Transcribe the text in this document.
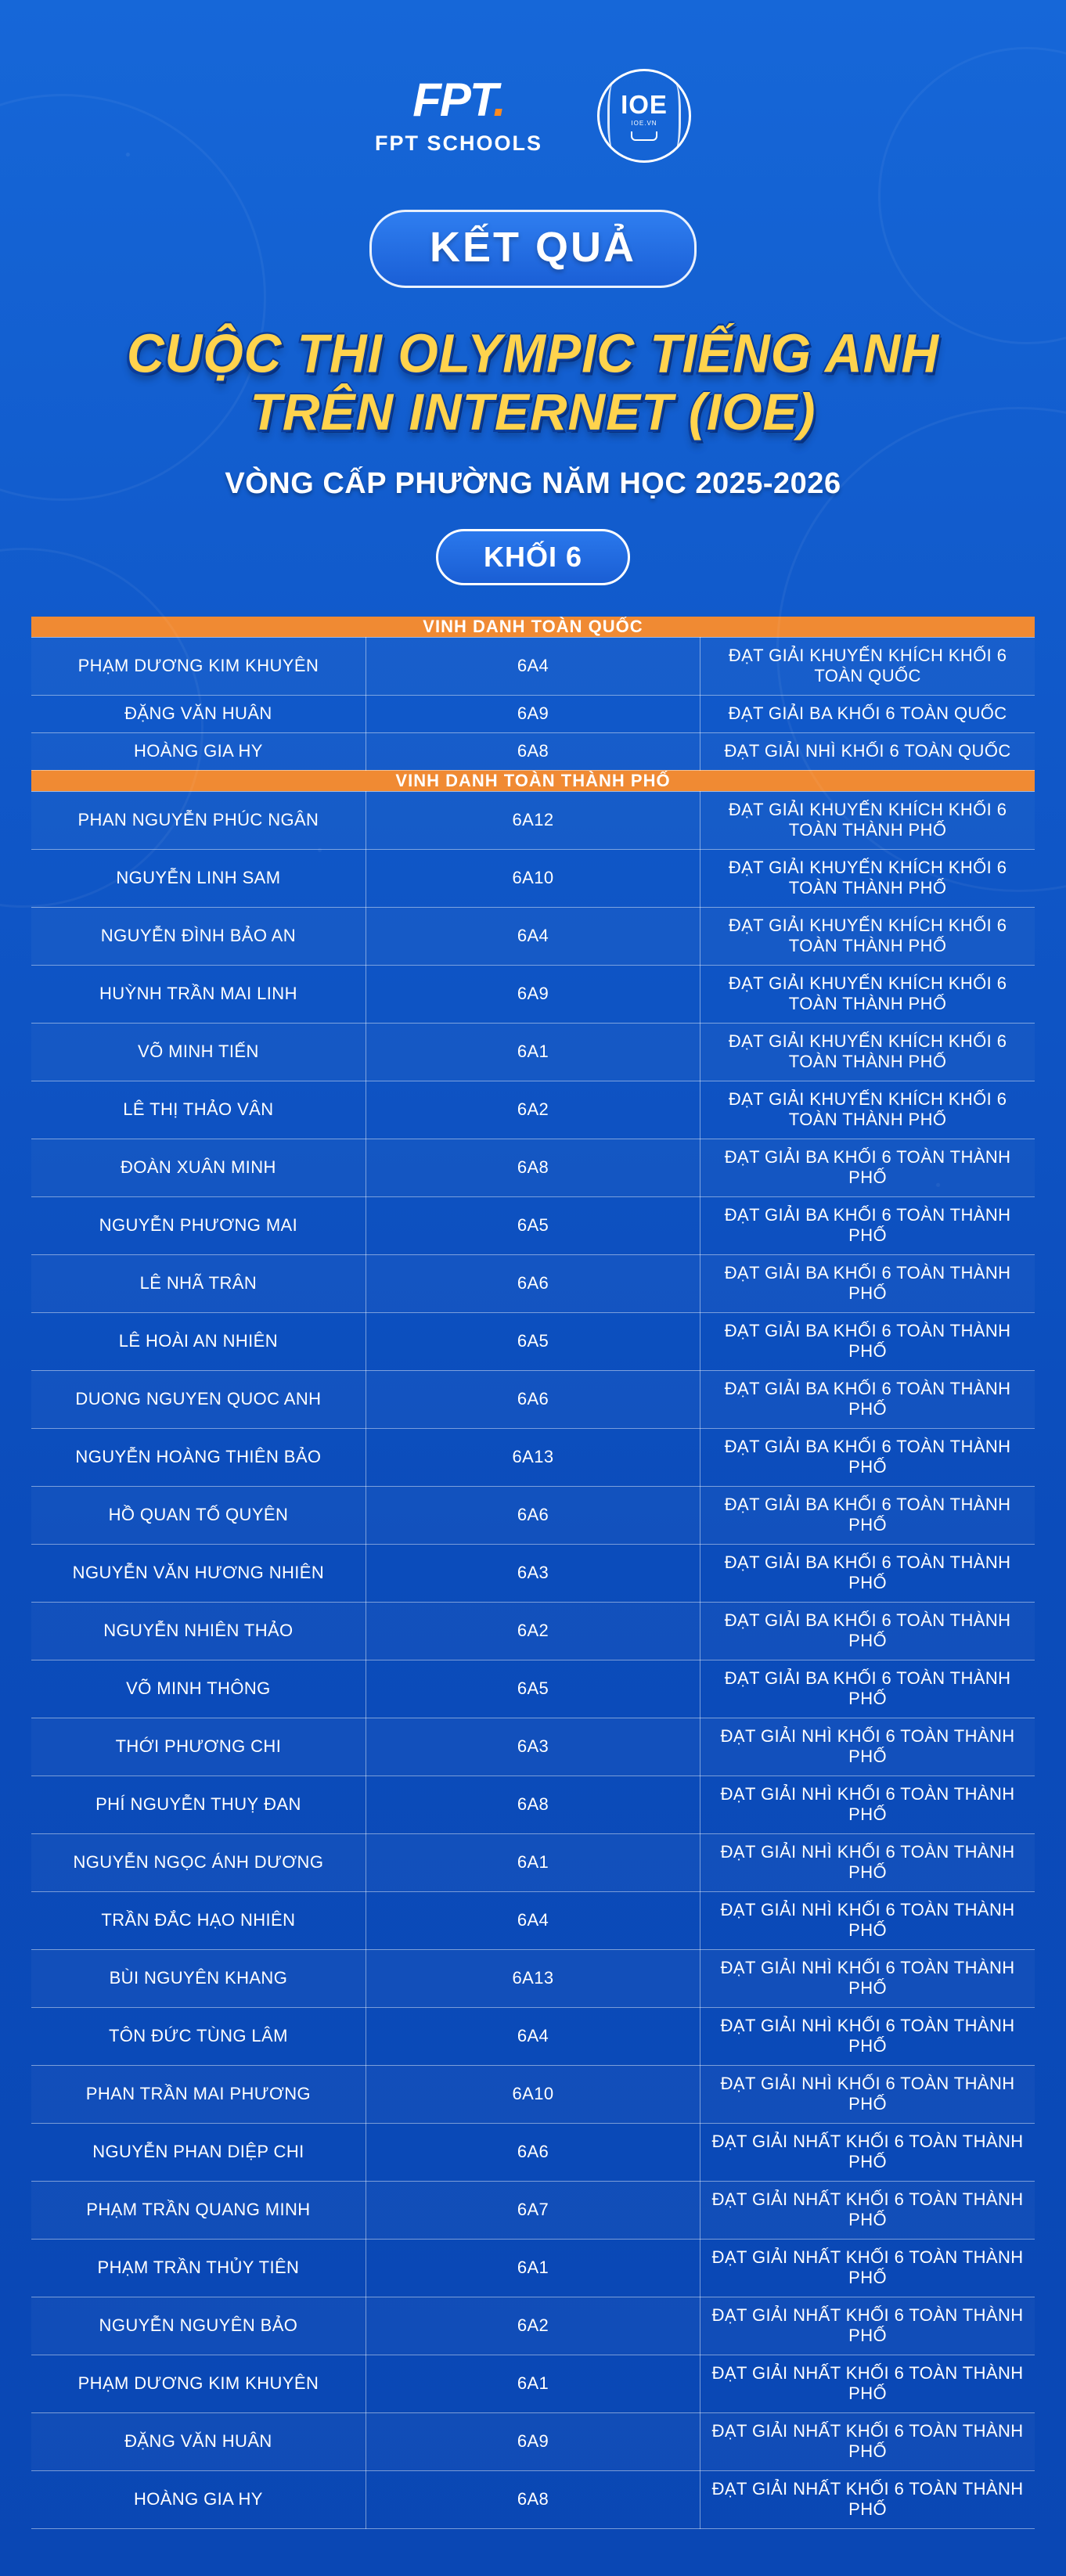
FPT.
FPT SCHOOLS
IOE
IOE.VN
KẾT QUẢ
CUỘC THI OLYMPIC TIẾNG ANH
TRÊN INTERNET (IOE)
VÒNG CẤP PHƯỜNG NĂM HỌC 2025-2026
KHỐI 6
VINH DANH TOÀN QUỐC		
PHẠM DƯƠNG KIM KHUYÊN	6A4	ĐẠT GIẢI KHUYẾN KHÍCH KHỐI 6 TOÀN QUỐC
ĐẶNG VĂN HUÂN	6A9	ĐẠT GIẢI BA KHỐI 6 TOÀN QUỐC
HOÀNG GIA HY	6A8	ĐẠT GIẢI NHÌ KHỐI 6 TOÀN QUỐC
VINH DANH TOÀN THÀNH PHỐ		
PHAN NGUYỄN PHÚC NGÂN	6A12	ĐẠT GIẢI KHUYẾN KHÍCH KHỐI 6 TOÀN THÀNH PHỐ
NGUYỄN LINH SAM	6A10	ĐẠT GIẢI KHUYẾN KHÍCH KHỐI 6 TOÀN THÀNH PHỐ
NGUYỄN ĐÌNH BẢO AN	6A4	ĐẠT GIẢI KHUYẾN KHÍCH KHỐI 6 TOÀN THÀNH PHỐ
HUỲNH TRẦN MAI LINH	6A9	ĐẠT GIẢI KHUYẾN KHÍCH KHỐI 6 TOÀN THÀNH PHỐ
VÕ MINH TIẾN	6A1	ĐẠT GIẢI KHUYẾN KHÍCH KHỐI 6 TOÀN THÀNH PHỐ
LÊ THỊ THẢO VÂN	6A2	ĐẠT GIẢI KHUYẾN KHÍCH KHỐI 6 TOÀN THÀNH PHỐ
ĐOÀN XUÂN MINH	6A8	ĐẠT GIẢI BA KHỐI 6 TOÀN THÀNH PHỐ
NGUYỄN PHƯƠNG MAI	6A5	ĐẠT GIẢI BA KHỐI 6 TOÀN THÀNH PHỐ
LÊ NHÃ TRÂN	6A6	ĐẠT GIẢI BA KHỐI 6 TOÀN THÀNH PHỐ
LÊ HOÀI AN NHIÊN	6A5	ĐẠT GIẢI BA KHỐI 6 TOÀN THÀNH PHỐ
DUONG NGUYEN QUOC ANH	6A6	ĐẠT GIẢI BA KHỐI 6 TOÀN THÀNH PHỐ
NGUYỄN HOÀNG THIÊN BẢO	6A13	ĐẠT GIẢI BA KHỐI 6 TOÀN THÀNH PHỐ
HỒ QUAN TỐ QUYÊN	6A6	ĐẠT GIẢI BA KHỐI 6 TOÀN THÀNH PHỐ
NGUYỄN VĂN HƯƠNG NHIÊN	6A3	ĐẠT GIẢI BA KHỐI 6 TOÀN THÀNH PHỐ
NGUYỄN NHIÊN THẢO	6A2	ĐẠT GIẢI BA KHỐI 6 TOÀN THÀNH PHỐ
VÕ MINH THÔNG	6A5	ĐẠT GIẢI BA KHỐI 6 TOÀN THÀNH PHỐ
THỚI PHƯƠNG CHI	6A3	ĐẠT GIẢI NHÌ KHỐI 6 TOÀN THÀNH PHỐ
PHÍ NGUYỄN THUỴ ĐAN	6A8	ĐẠT GIẢI NHÌ KHỐI 6 TOÀN THÀNH PHỐ
NGUYỄN NGỌC ÁNH DƯƠNG	6A1	ĐẠT GIẢI NHÌ KHỐI 6 TOÀN THÀNH PHỐ
TRẦN ĐẮC HẠO NHIÊN	6A4	ĐẠT GIẢI NHÌ KHỐI 6 TOÀN THÀNH PHỐ
BÙI NGUYÊN KHANG	6A13	ĐẠT GIẢI NHÌ KHỐI 6 TOÀN THÀNH PHỐ
TÔN ĐỨC TÙNG LÂM	6A4	ĐẠT GIẢI NHÌ KHỐI 6 TOÀN THÀNH PHỐ
PHAN TRẦN MAI PHƯƠNG	6A10	ĐẠT GIẢI NHÌ KHỐI 6 TOÀN THÀNH PHỐ
NGUYỄN PHAN DIỆP CHI	6A6	ĐẠT GIẢI NHẤT KHỐI 6 TOÀN THÀNH PHỐ
PHẠM TRẦN QUANG MINH	6A7	ĐẠT GIẢI NHẤT KHỐI 6 TOÀN THÀNH PHỐ
PHẠM TRẦN THỦY TIÊN	6A1	ĐẠT GIẢI NHẤT KHỐI 6 TOÀN THÀNH PHỐ
NGUYỄN NGUYÊN BẢO	6A2	ĐẠT GIẢI NHẤT KHỐI 6 TOÀN THÀNH PHỐ
PHẠM DƯƠNG KIM KHUYÊN	6A1	ĐẠT GIẢI NHẤT KHỐI 6 TOÀN THÀNH PHỐ
ĐẶNG VĂN HUÂN	6A9	ĐẠT GIẢI NHẤT KHỐI 6 TOÀN THÀNH PHỐ
HOÀNG GIA HY	6A8	ĐẠT GIẢI NHẤT KHỐI 6 TOÀN THÀNH PHỐ
